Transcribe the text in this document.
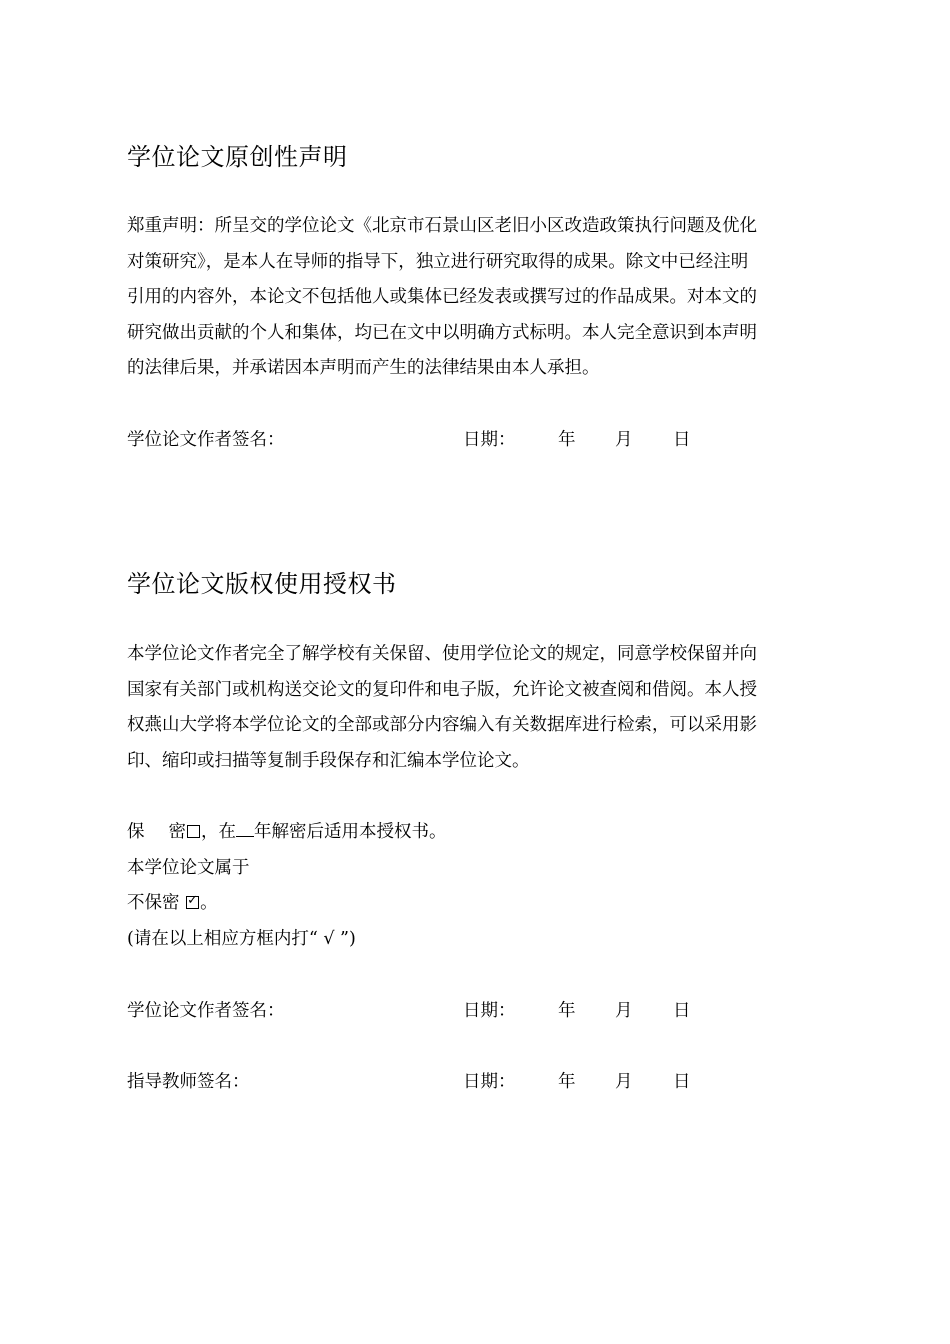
学位论文原创性声明
郑重声明：所呈交的学位论文《北京市石景山区老旧小区改造政策执行问题及优化
对策研究》，是本人在导师的指导下，独立进行研究取得的成果。除文中已经注明
引用的内容外，本论文不包括他人或集体已经发表或撰写过的作品成果。对本文的
研究做出贡献的个人和集体，均已在文中以明确方式标明。本人完全意识到本声明
的法律后果，并承诺因本声明而产生的法律结果由本人承担。
学位论文作者签名：	日期： 年 月 日
学位论文版权使用授权书
本学位论文作者完全了解学校有关保留、使用学位论文的规定，同意学校保留并向
国家有关部门或机构送交论文的复印件和电子版，允许论文被查阅和借阅。本人授
权燕山大学将本学位论文的全部或部分内容编入有关数据库进行检索，可以采用影
印、缩印或扫描等复制手段保存和汇编本学位论文。
保 密 ，在 年解密后适用本授权书。
本学位论文属于
不保密 ✓ 。
(请在以上相应方框内打“ √ ”)
学位论文作者签名：	日期： 年 月 日
指导教师签名：	日期： 年 月 日
